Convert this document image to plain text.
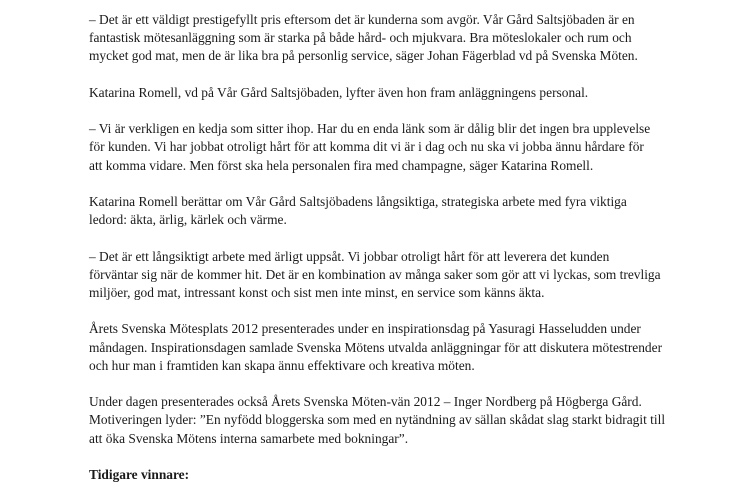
– Det är ett väldigt prestigefyllt pris eftersom det är kunderna som avgör. Vår Gård Saltsjöbaden är en
fantastisk mötesanläggning som är starka på både hård- och mjukvara. Bra möteslokaler och rum och
mycket god mat, men de är lika bra på personlig service, säger Johan Fägerblad vd på Svenska Möten.

Katarina Romell, vd på Vår Gård Saltsjöbaden, lyfter även hon fram anläggningens personal.

– Vi är verkligen en kedja som sitter ihop. Har du en enda länk som är dålig blir det ingen bra upplevelse
för kunden. Vi har jobbat otroligt hårt för att komma dit vi är i dag och nu ska vi jobba ännu hårdare för
att komma vidare. Men först ska hela personalen fira med champagne, säger Katarina Romell.

Katarina Romell berättar om Vår Gård Saltsjöbadens långsiktiga, strategiska arbete med fyra viktiga
ledord: äkta, ärlig, kärlek och värme.

– Det är ett långsiktigt arbete med ärligt uppsåt. Vi jobbar otroligt hårt för att leverera det kunden
förväntar sig när de kommer hit. Det är en kombination av många saker som gör att vi lyckas, som trevliga
miljöer, god mat, intressant konst och sist men inte minst, en service som känns äkta.

Årets Svenska Mötesplats 2012 presenterades under en inspirationsdag på Yasuragi Hasseludden under
måndagen. Inspirationsdagen samlade Svenska Mötens utvalda anläggningar för att diskutera mötestrender
och hur man i framtiden kan skapa ännu effektivare och kreativa möten.

Under dagen presenterades också Årets Svenska Möten-vän 2012 – Inger Nordberg på Högberga Gård.
Motiveringen lyder: ”En nyfödd bloggerska som med en nytändning av sällan skådat slag starkt bidragit till
att öka Svenska Mötens interna samarbete med bokningar”.

Tidigare vinnare:
